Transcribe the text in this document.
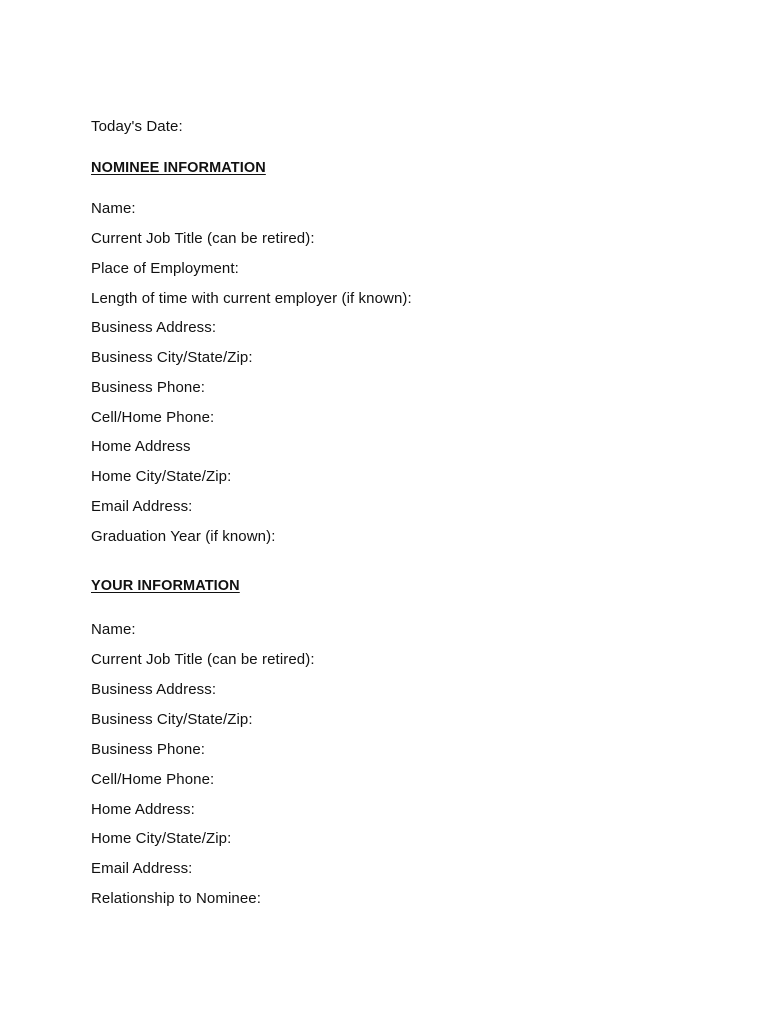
Today's Date:
NOMINEE INFORMATION
Name:
Current Job Title (can be retired):
Place of Employment:
Length of time with current employer (if known):
Business Address:
Business City/State/Zip:
Business Phone:
Cell/Home Phone:
Home Address
Home City/State/Zip:
Email Address:
Graduation Year (if known):
YOUR INFORMATION
Name:
Current Job Title (can be retired):
Business Address:
Business City/State/Zip:
Business Phone:
Cell/Home Phone:
Home Address:
Home City/State/Zip:
Email Address:
Relationship to Nominee:
